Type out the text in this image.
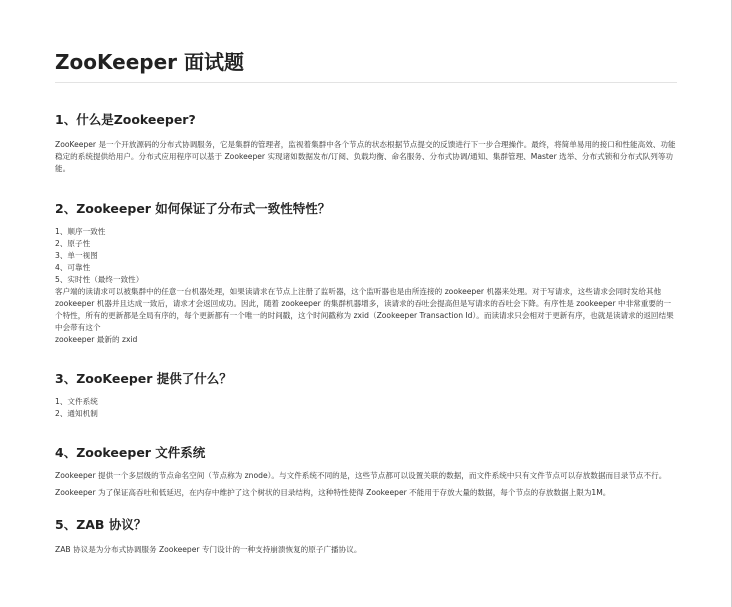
ZooKeeper 面试题
1、什么是Zookeeper?

ZooKeeper 是一个开放源码的分布式协调服务，它是集群的管理者，监视着集群中各个节点的状态根据节点提交的反馈进行下一步合理操作。最终，将简单易用的接口和性能高效、功能稳定的系统提供给用户。分布式应用程序可以基于 Zookeeper 实现诸如数据发布/订阅、负载均衡、命名服务、分布式协调/通知、集群管理、Master 选举、分布式锁和分布式队列等功能。

2、Zookeeper 如何保证了分布式一致性特性？
1、顺序一致性
2、原子性
3、单一视图
4、可靠性
5、实时性（最终一致性）

客户端的读请求可以被集群中的任意一台机器处理，如果读请求在节点上注册了监听器，这个监听器也是由所连接的 zookeeper 机器来处理。对于写请求，这些请求会同时发给其他 zookeeper 机器并且达成一致后，请求才会返回成功。因此，随着 zookeeper 的集群机器增多，读请求的吞吐会提高但是写请求的吞吐会下降。有序性是 zookeeper 中非常重要的一个特性，所有的更新都是全局有序的，每个更新都有一个唯一的时间戳，这个时间戳称为 zxid（Zookeeper Transaction Id）。而读请求只会相对于更新有序，也就是读请求的返回结果中会带有这个

zookeeper 最新的 zxid

3、ZooKeeper 提供了什么？
1、文件系统
2、通知机制
4、Zookeeper 文件系统

Zookeeper 提供一个多层级的节点命名空间（节点称为 znode）。与文件系统不同的是，这些节点都可以设置关联的数据，而文件系统中只有文件节点可以存放数据而目录节点不行。

Zookeeper 为了保证高吞吐和低延迟，在内存中维护了这个树状的目录结构，这种特性使得 Zookeeper 不能用于存放大量的数据，每个节点的存放数据上限为1M。

5、ZAB 协议？

ZAB 协议是为分布式协调服务 Zookeeper 专门设计的一种支持崩溃恢复的原子广播协议。
